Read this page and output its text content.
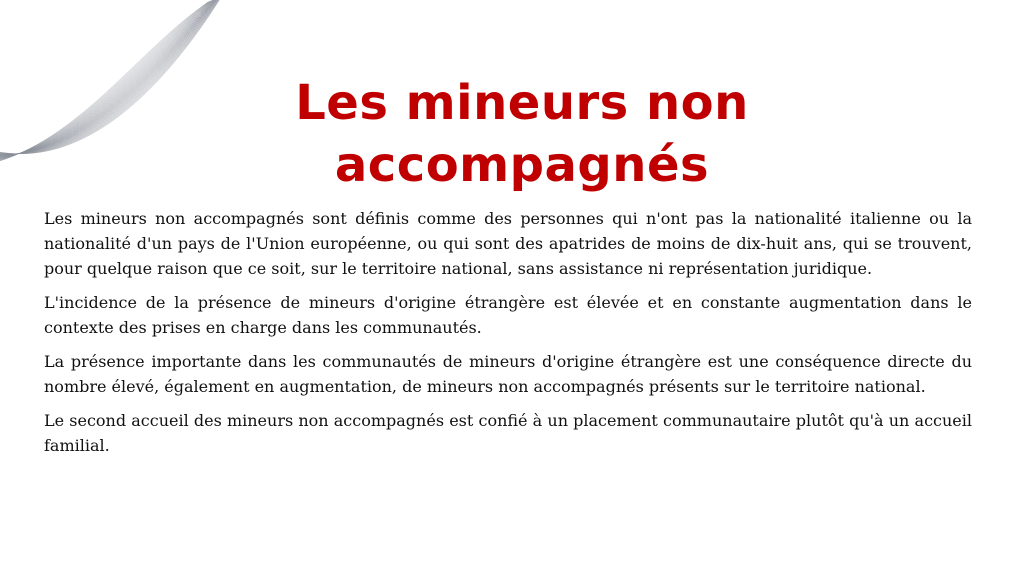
Les mineurs non accompagnés

Les mineurs non accompagnés sont définis comme des personnes qui n'ont pas la nationalité italienne ou la nationalité d'un pays de l'Union européenne, ou qui sont des apatrides de moins de dix-huit ans, qui se trouvent, pour quelque raison que ce soit, sur le territoire national, sans assistance ni représentation juridique.

L'incidence de la présence de mineurs d'origine étrangère est élevée et en constante augmentation dans le contexte des prises en charge dans les communautés.

La présence importante dans les communautés de mineurs d'origine étrangère est une conséquence directe du nombre élevé, également en augmentation, de mineurs non accompagnés présents sur le territoire national.

Le second accueil des mineurs non accompagnés est confié à un placement communautaire plutôt qu'à un accueil familial.
